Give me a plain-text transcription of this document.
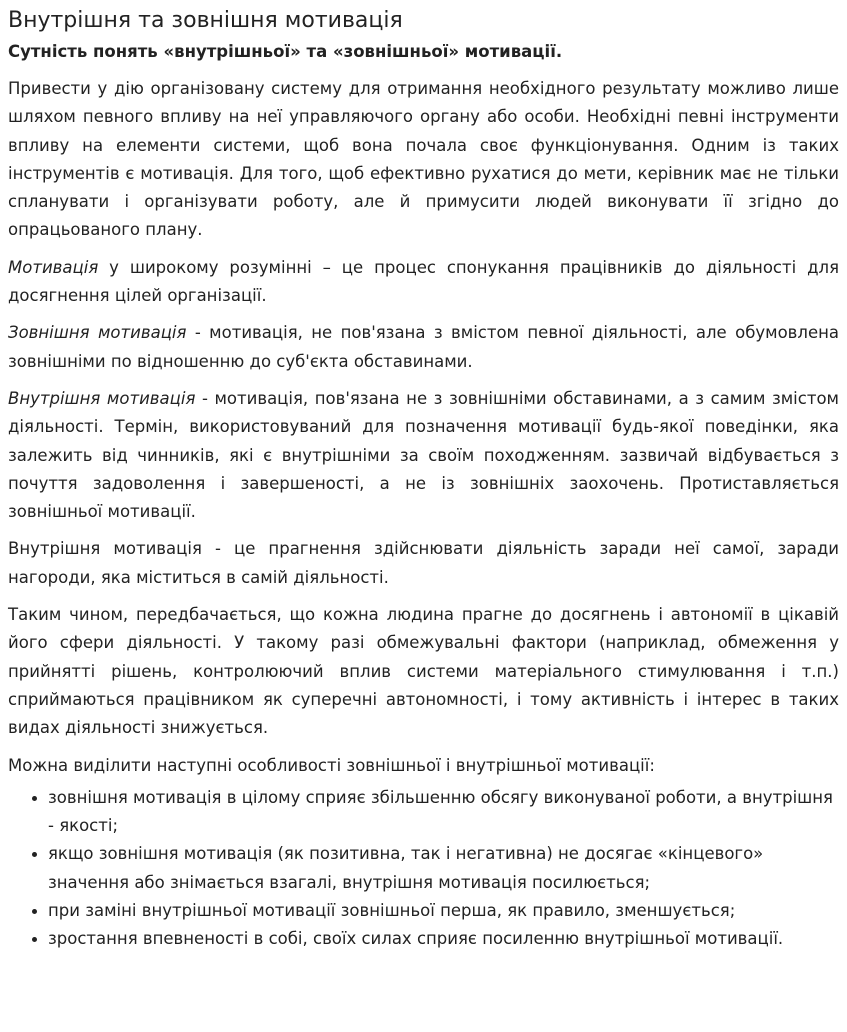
Внутрішня та зовнішня мотивація
Сутність понять «внутрішньої» та «зовнішньої» мотивації.

Привести у дію організовану систему для отримання необхідного результату можливо лише шляхом певного впливу на неї управляючого органу або особи. Необхідні певні інструменти впливу на елементи системи, щоб вона почала своє функціонування. Одним із таких інструментів є мотивація. Для того, щоб ефективно рухатися до мети, керівник має не тільки спланувати і організувати роботу, але й примусити людей виконувати її згідно до опрацьованого плану.

Мотивація у широкому розумінні – це процес спонукання працівників до діяльності для досягнення цілей організації.

Зовнішня мотивація - мотивація, не пов'язана з вмістом певної діяльності, але обумовлена зовнішніми по відношенню до суб'єкта обставинами.

Внутрішня мотивація - мотивація, пов'язана не з зовнішніми обставинами, а з самим змістом діяльності. Термін, використовуваний для позначення мотивації будь-якої поведінки, яка залежить від чинників, які є внутрішніми за своїм походженням. зазвичай відбувається з почуття задоволення і завершеності, а не із зовнішніх заохочень. Протиставляється зовнішньої мотивації.

Внутрішня мотивація - це прагнення здійснювати діяльність заради неї самої, заради нагороди, яка міститься в самій діяльності.

Таким чином, передбачається, що кожна людина прагне до досягнень і автономії в цікавій його сфери діяльності. У такому разі обмежувальні фактори (наприклад, обмеження у прийнятті рішень, контролюючий вплив системи матеріального стимулювання і т.п.) сприймаються працівником як суперечні автономності, і тому активність і інтерес в таких видах діяльності знижується.

Можна виділити наступні особливості зовнішньої і внутрішньої мотивації:

• зовнішня мотивація в цілому сприяє збільшенню обсягу виконуваної роботи, а внутрішня - якості;
• якщо зовнішня мотивація (як позитивна, так і негативна) не досягає «кінцевого» значення або знімається взагалі, внутрішня мотивація посилюється;
• при заміні внутрішньої мотивації зовнішньої перша, як правило, зменшується;
• зростання впевненості в собі, своїх силах сприяє посиленню внутрішньої мотивації.
